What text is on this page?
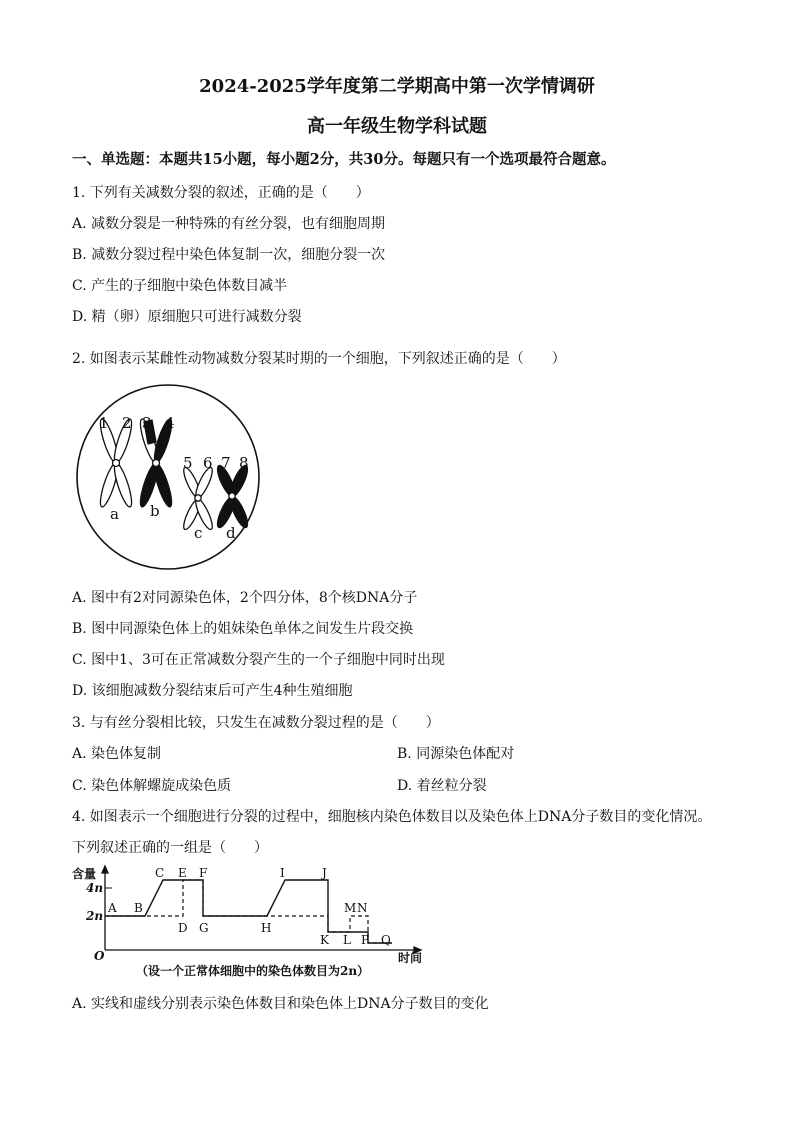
2024-2025学年度第二学期高中第一次学情调研
高一年级生物学科试题
一、单选题：本题共15小题，每小题2分，共30分。每题只有一个选项最符合题意。
1. 下列有关减数分裂的叙述，正确的是（　　）
A. 减数分裂是一种特殊的有丝分裂，也有细胞周期
B. 减数分裂过程中染色体复制一次，细胞分裂一次
C. 产生的子细胞中染色体数目减半
D. 精（卵）原细胞只可进行减数分裂
2. 如图表示某雌性动物减数分裂某时期的一个细胞，下列叙述正确的是（　　）
1 2 3 4
5 6 7 8
a b
c d
A. 图中有2对同源染色体，2个四分体，8个核DNA分子
B. 图中同源染色体上的姐妹染色单体之间发生片段交换
C. 图中1、3可在正常减数分裂产生的一个子细胞中同时出现
D. 该细胞减数分裂结束后可产生4种生殖细胞
3. 与有丝分裂相比较，只发生在减数分裂过程的是（　　）
A. 染色体复制	B. 同源染色体配对
C. 染色体解螺旋成染色质	D. 着丝粒分裂
4. 如图表示一个细胞进行分裂的过程中，细胞核内染色体数目以及染色体上DNA分子数目的变化情况。
下列叙述正确的一组是（　　）
含量
4n
2n
O	时间
A B
C E F
D G	H
I	J
K L
M N
P Q
（设一个正常体细胞中的染色体数目为2n）
A. 实线和虚线分别表示染色体数目和染色体上DNA分子数目的变化
